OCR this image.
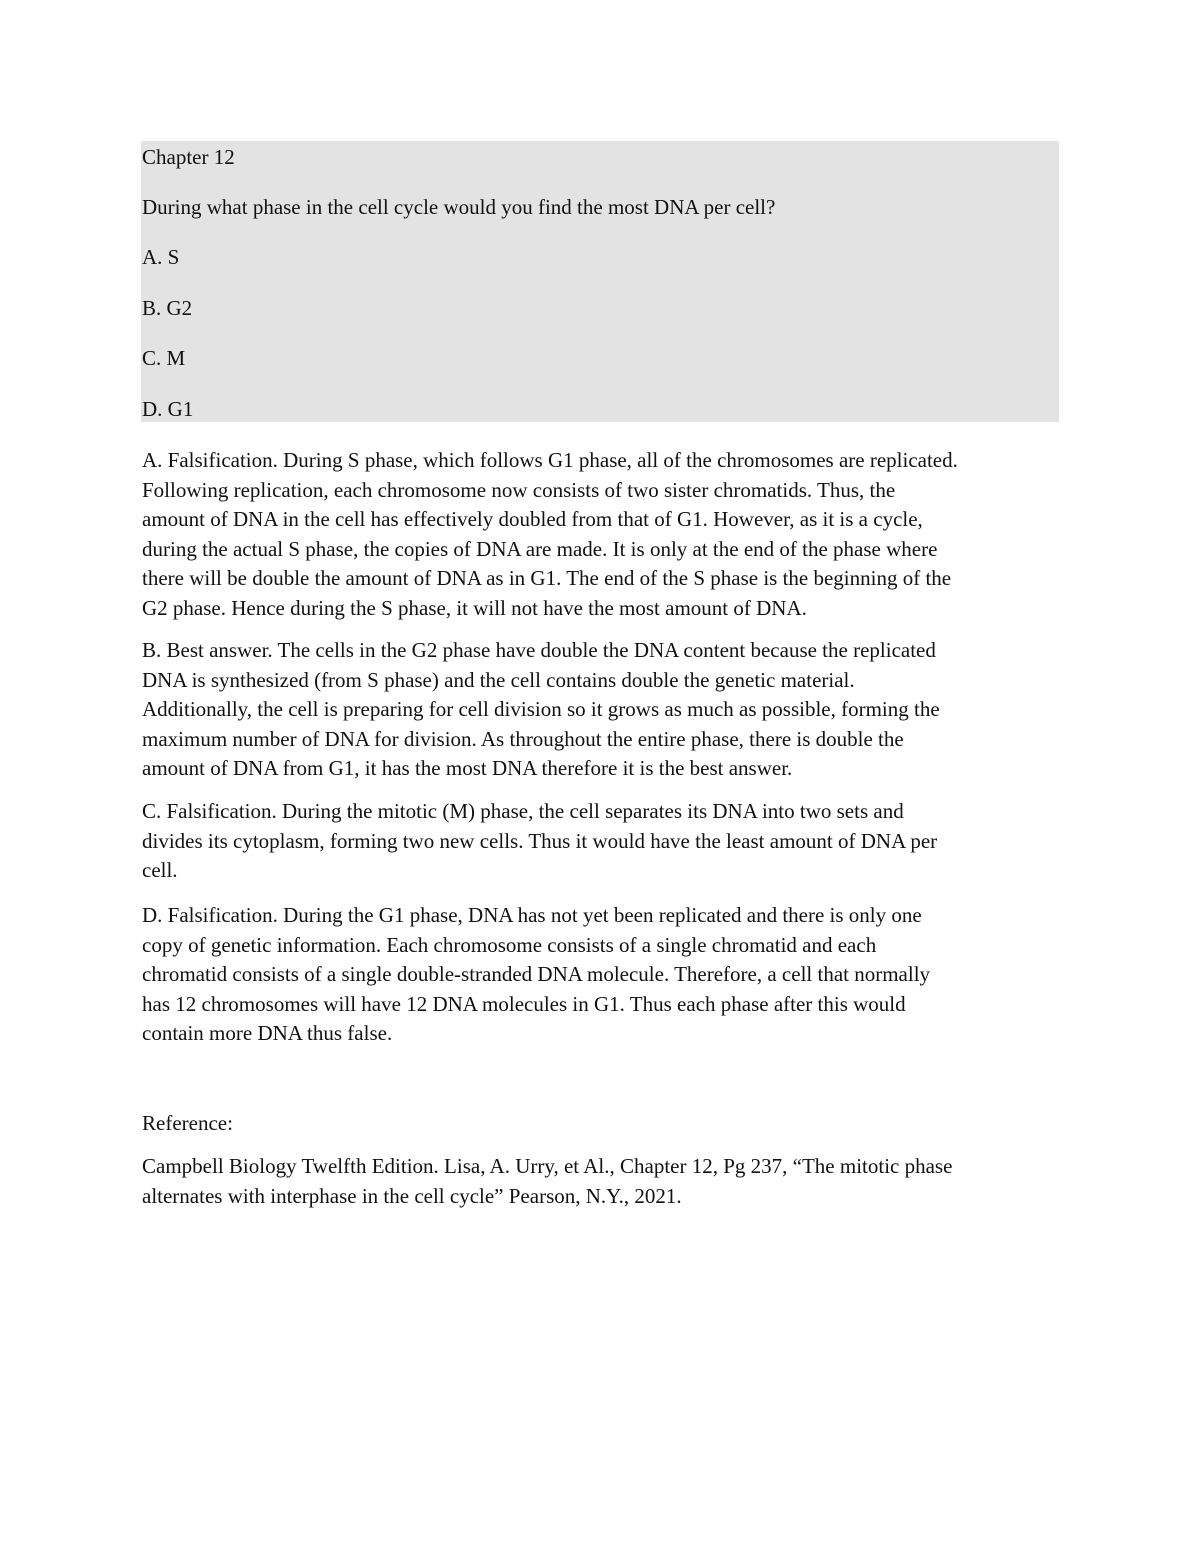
Chapter 12
During what phase in the cell cycle would you find the most DNA per cell?
A. S
B. G2
C. M
D. G1
A. Falsification. During S phase, which follows G1 phase, all of the chromosomes are replicated.
Following replication, each chromosome now consists of two sister chromatids. Thus, the
amount of DNA in the cell has effectively doubled from that of G1. However, as it is a cycle,
during the actual S phase, the copies of DNA are made. It is only at the end of the phase where
there will be double the amount of DNA as in G1. The end of the S phase is the beginning of the
G2 phase. Hence during the S phase, it will not have the most amount of DNA.
B. Best answer. The cells in the G2 phase have double the DNA content because the replicated
DNA is synthesized (from S phase) and the cell contains double the genetic material.
Additionally, the cell is preparing for cell division so it grows as much as possible, forming the
maximum number of DNA for division. As throughout the entire phase, there is double the
amount of DNA from G1, it has the most DNA therefore it is the best answer.
C. Falsification. During the mitotic (M) phase, the cell separates its DNA into two sets and
divides its cytoplasm, forming two new cells. Thus it would have the least amount of DNA per
cell.
D. Falsification. During the G1 phase, DNA has not yet been replicated and there is only one
copy of genetic information. Each chromosome consists of a single chromatid and each
chromatid consists of a single double-stranded DNA molecule. Therefore, a cell that normally
has 12 chromosomes will have 12 DNA molecules in G1. Thus each phase after this would
contain more DNA thus false.
Reference:
Campbell Biology Twelfth Edition. Lisa, A. Urry, et Al., Chapter 12, Pg 237, “The mitotic phase
alternates with interphase in the cell cycle” Pearson, N.Y., 2021.
